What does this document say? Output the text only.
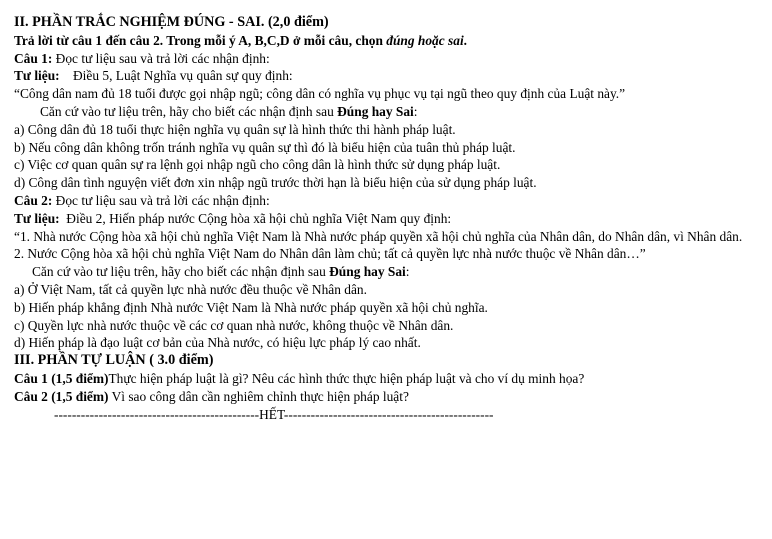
II. PHẦN TRẮC NGHIỆM ĐÚNG - SAI. (2,0 điểm)
Trả lời từ câu 1 đến câu 2. Trong mỗi ý A, B,C,D ở mỗi câu, chọn đúng hoặc sai.
Câu 1: Đọc tư liệu sau và trả lời các nhận định:
Tư liệu:    Điều 5, Luật Nghĩa vụ quân sự quy định:
“Công dân nam đủ 18 tuổi được gọi nhập ngũ; công dân có nghĩa vụ phục vụ tại ngũ theo quy định của Luật này.”
Căn cứ vào tư liệu trên, hãy cho biết các nhận định sau Đúng hay Sai:
a) Công dân đủ 18 tuổi thực hiện nghĩa vụ quân sự là hình thức thi hành pháp luật.
b) Nếu công dân không trốn tránh nghĩa vụ quân sự thì đó là biểu hiện của tuân thủ pháp luật.
c) Việc cơ quan quân sự ra lệnh gọi nhập ngũ cho công dân là hình thức sử dụng pháp luật.
d) Công dân tình nguyện viết đơn xin nhập ngũ trước thời hạn là biểu hiện của sử dụng pháp luật.
Câu 2: Đọc tư liệu sau và trả lời các nhận định:
Tư liệu:  Điều 2, Hiến pháp nước Cộng hòa xã hội chủ nghĩa Việt Nam quy định:
“1. Nhà nước Cộng hòa xã hội chủ nghĩa Việt Nam là Nhà nước pháp quyền xã hội chủ nghĩa của Nhân dân, do Nhân dân, vì Nhân dân.
2. Nước Cộng hòa xã hội chủ nghĩa Việt Nam do Nhân dân làm chủ; tất cả quyền lực nhà nước thuộc về Nhân dân…”
Căn cứ vào tư liệu trên, hãy cho biết các nhận định sau Đúng hay Sai:
a) Ở Việt Nam, tất cả quyền lực nhà nước đều thuộc về Nhân dân.
b) Hiến pháp khẳng định Nhà nước Việt Nam là Nhà nước pháp quyền xã hội chủ nghĩa.
c) Quyền lực nhà nước thuộc về các cơ quan nhà nước, không thuộc về Nhân dân.
d) Hiến pháp là đạo luật cơ bản của Nhà nước, có hiệu lực pháp lý cao nhất.
III. PHẦN TỰ LUẬN ( 3.0 điểm)
Câu 1 (1,5 điểm)Thực hiện pháp luật là gì? Nêu các hình thức thực hiện pháp luật và cho ví dụ minh họa?
Câu 2 (1,5 điểm) Vì sao công dân cần nghiêm chỉnh thực hiện pháp luật?
----------------------------------------------HẾT-----------------------------------------------
